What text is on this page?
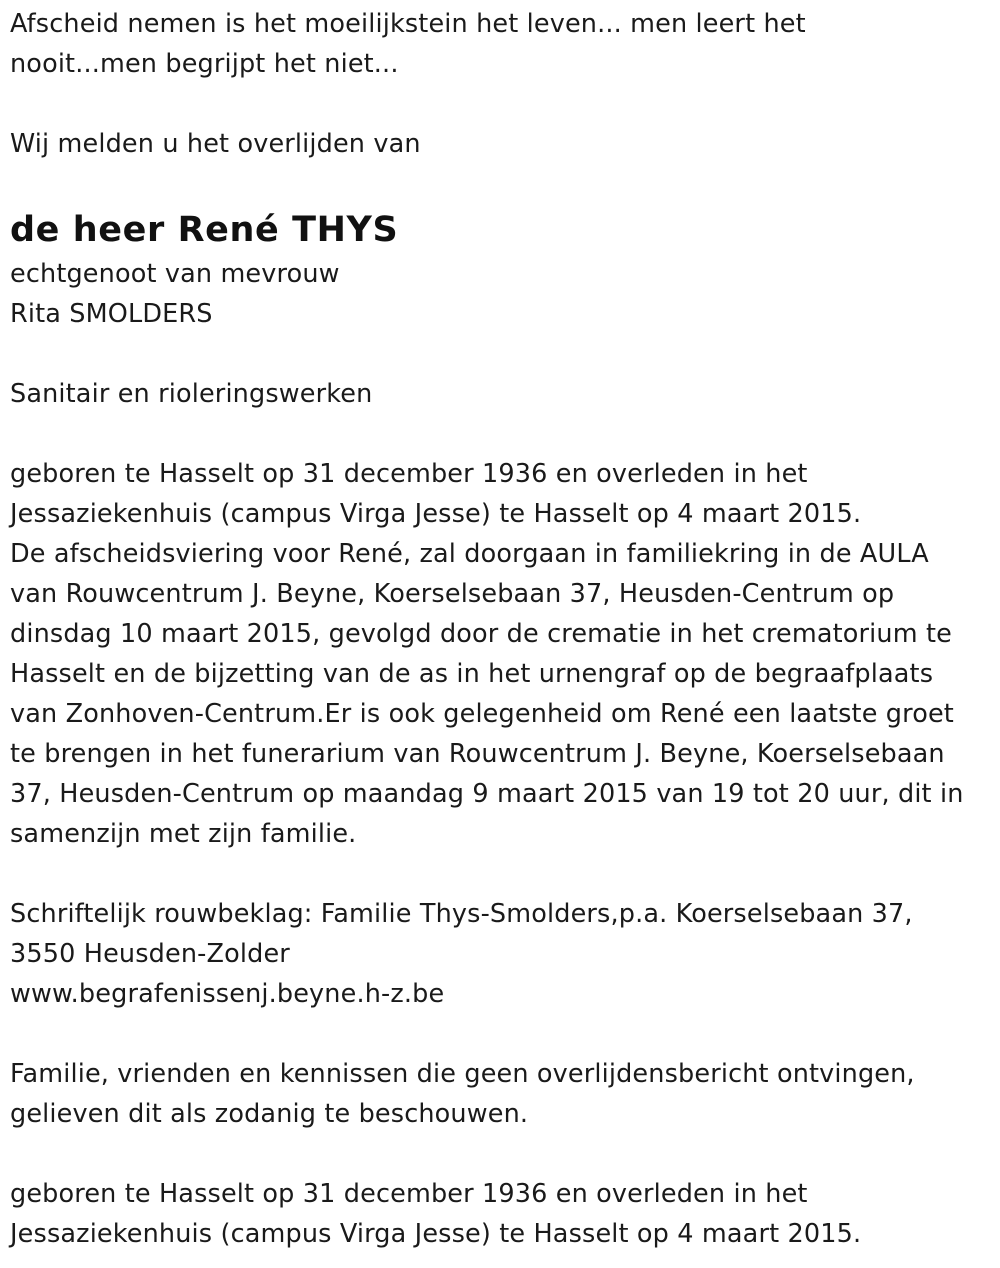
Afscheid nemen is het moeilijkstein het leven... men leert het

nooit...men begrijpt het niet...

Wij melden u het overlijden van

de heer René THYS

echtgenoot van mevrouw

Rita SMOLDERS

Sanitair en rioleringswerken

geboren te Hasselt op 31 december 1936 en overleden in het

Jessaziekenhuis (campus Virga Jesse) te Hasselt op 4 maart 2015.

De afscheidsviering voor René, zal doorgaan in familiekring in de AULA

van Rouwcentrum J. Beyne, Koerselsebaan 37, Heusden-Centrum op

dinsdag 10 maart 2015, gevolgd door de crematie in het crematorium te

Hasselt en de bijzetting van de as in het urnengraf op de begraafplaats

van Zonhoven-Centrum.Er is ook gelegenheid om René een laatste groet

te brengen in het funerarium van Rouwcentrum J. Beyne, Koerselsebaan

37, Heusden-Centrum op maandag 9 maart 2015 van 19 tot 20 uur, dit in

samenzijn met zijn familie.

Schriftelijk rouwbeklag: Familie Thys-Smolders,p.a. Koerselsebaan 37,

3550 Heusden-Zolder

www.begrafenissenj.beyne.h-z.be

Familie, vrienden en kennissen die geen overlijdensbericht ontvingen,

gelieven dit als zodanig te beschouwen.

geboren te Hasselt op 31 december 1936 en overleden in het

Jessaziekenhuis (campus Virga Jesse) te Hasselt op 4 maart 2015.
